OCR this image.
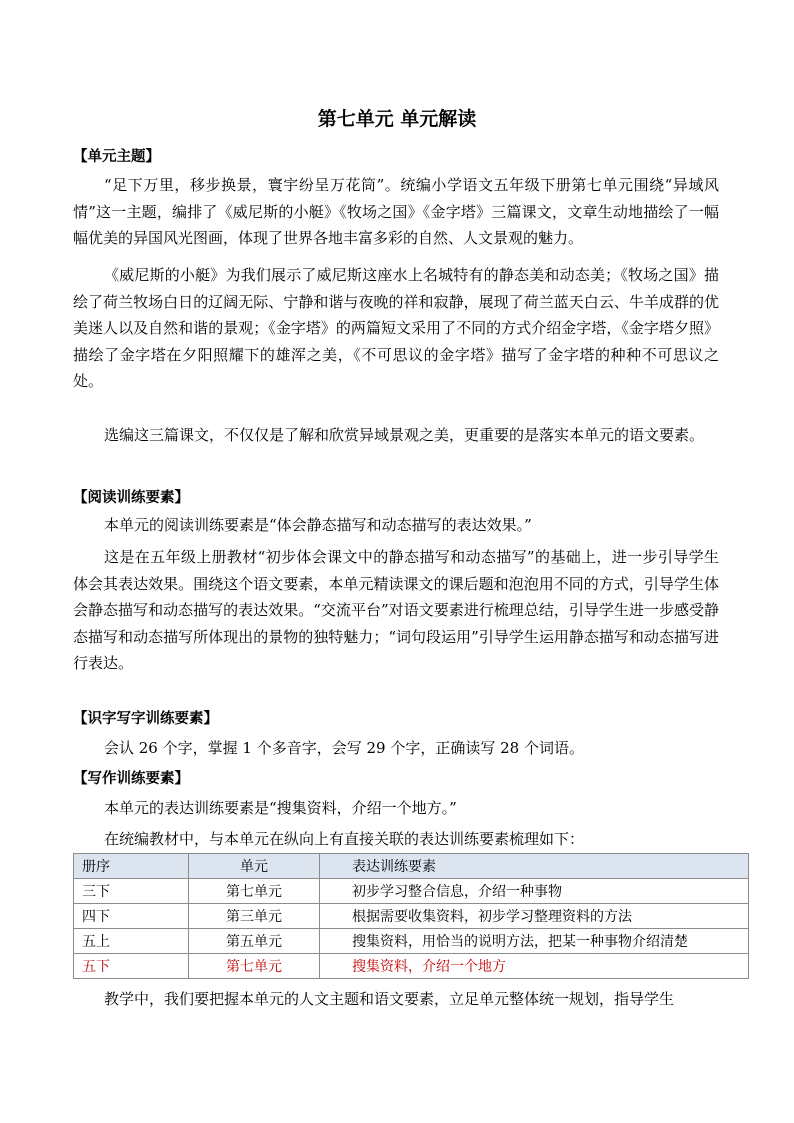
第七单元 单元解读
【单元主题】

“足下万里，移步换景，寰宇纷呈万花筒”。统编小学语文五年级下册第七单元围绕“异域风情”这一主题，编排了《威尼斯的小艇》《牧场之国》《金字塔》三篇课文，文章生动地描绘了一幅幅优美的异国风光图画，体现了世界各地丰富多彩的自然、人文景观的魅力。

《威尼斯的小艇》为我们展示了威尼斯这座水上名城特有的静态美和动态美；《牧场之国》描绘了荷兰牧场白日的辽阔无际、宁静和谐与夜晚的祥和寂静，展现了荷兰蓝天白云、牛羊成群的优美迷人以及自然和谐的景观；《金字塔》的两篇短文采用了不同的方式介绍金字塔，《金字塔夕照》描绘了金字塔在夕阳照耀下的雄浑之美，《不可思议的金字塔》描写了金字塔的种种不可思议之处。

选编这三篇课文，不仅仅是了解和欣赏异域景观之美，更重要的是落实本单元的语文要素。

【阅读训练要素】

本单元的阅读训练要素是“体会静态描写和动态描写的表达效果。”

这是在五年级上册教材“初步体会课文中的静态描写和动态描写”的基础上，进一步引导学生体会其表达效果。围绕这个语文要素，本单元精读课文的课后题和泡泡用不同的方式，引导学生体会静态描写和动态描写的表达效果。“交流平台”对语文要素进行梳理总结，引导学生进一步感受静态描写和动态描写所体现出的景物的独特魅力；“词句段运用”引导学生运用静态描写和动态描写进行表达。

【识字写字训练要素】
会认 26 个字，掌握 1 个多音字，会写 29 个字，正确读写 28 个词语。
【写作训练要素】
本单元的表达训练要素是“搜集资料，介绍一个地方。”
在统编教材中，与本单元在纵向上有直接关联的表达训练要素梳理如下：
册序	单元	表达训练要素
三下	第七单元	初步学习整合信息，介绍一种事物
四下	第三单元	根据需要收集资料，初步学习整理资料的方法
五上	第五单元	搜集资料，用恰当的说明方法，把某一种事物介绍清楚
五下	第七单元	搜集资料，介绍一个地方
教学中，我们要把握本单元的人文主题和语文要素，立足单元整体统一规划，指导学生
